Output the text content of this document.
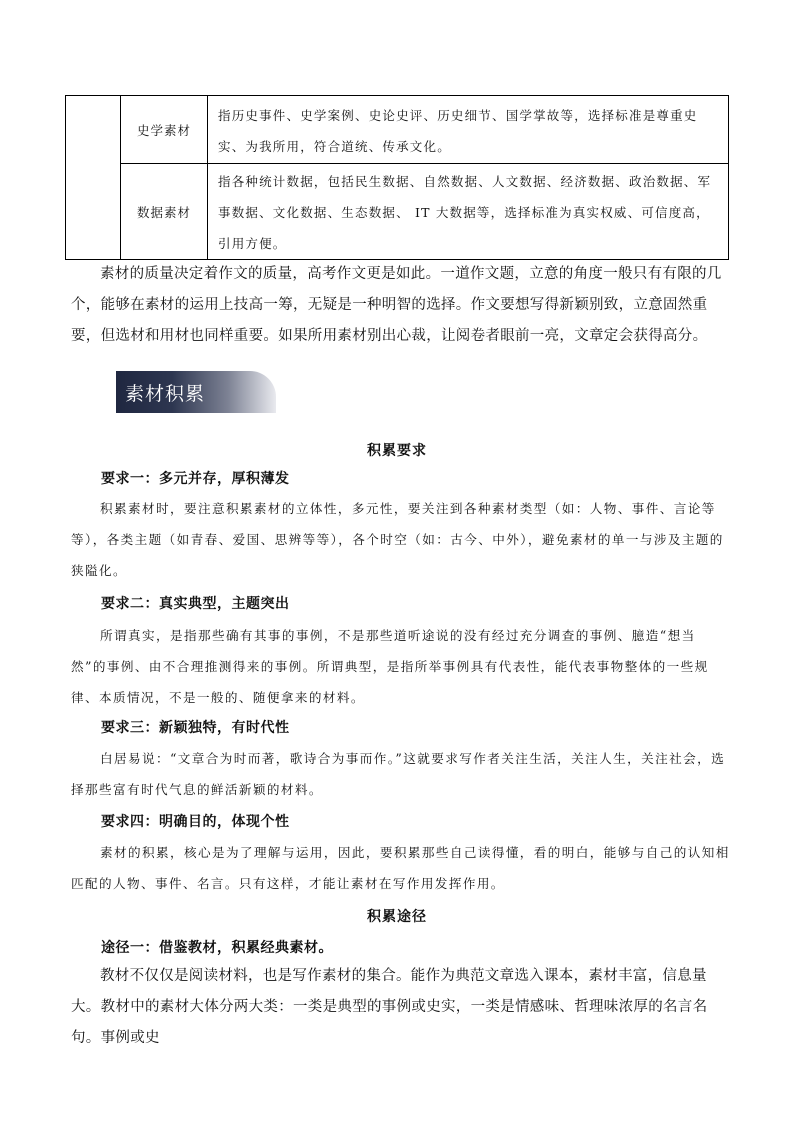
	史学素材	指历史事件、史学案例、史论史评、历史细节、国学掌故等，选择标准是尊重史实、为我所用，符合道统、传承文化。
	数据素材	指各种统计数据，包括民生数据、自然数据、人文数据、经济数据、政治数据、军事数据、文化数据、生态数据、 IT 大数据等，选择标准为真实权威、可信度高，引用方便。

素材的质量决定着作文的质量，高考作文更是如此。一道作文题，立意的角度一般只有有限的几个，能够在素材的运用上技高一筹，无疑是一种明智的选择。作文要想写得新颖别致，立意固然重要，但选材和用材也同样重要。如果所用素材别出心裁，让阅卷者眼前一亮，文章定会获得高分。

素材积累
积累要求
要求一：多元并存，厚积薄发

积累素材时，要注意积累素材的立体性，多元性，要关注到各种素材类型（如：人物、事件、言论等等），各类主题（如青春、爱国、思辨等等），各个时空（如：古今、中外），避免素材的单一与涉及主题的狭隘化。

要求二：真实典型，主题突出

所谓真实，是指那些确有其事的事例，不是那些道听途说的没有经过充分调查的事例、臆造“想当然”的事例、由不合理推测得来的事例。所谓典型，是指所举事例具有代表性，能代表事物整体的一些规律、本质情况，不是一般的、随便拿来的材料。

要求三：新颖独特，有时代性

白居易说：“文章合为时而著，歌诗合为事而作。”这就要求写作者关注生活，关注人生，关注社会，选择那些富有时代气息的鲜活新颖的材料。

要求四：明确目的，体现个性

素材的积累，核心是为了理解与运用，因此，要积累那些自己读得懂，看的明白，能够与自己的认知相匹配的人物、事件、名言。只有这样，才能让素材在写作用发挥作用。

积累途径
途径一：借鉴教材，积累经典素材。

教材不仅仅是阅读材料，也是写作素材的集合。能作为典范文章选入课本，素材丰富，信息量大。教材中的素材大体分两大类：一类是典型的事例或史实，一类是情感味、哲理味浓厚的名言名句。事例或史
